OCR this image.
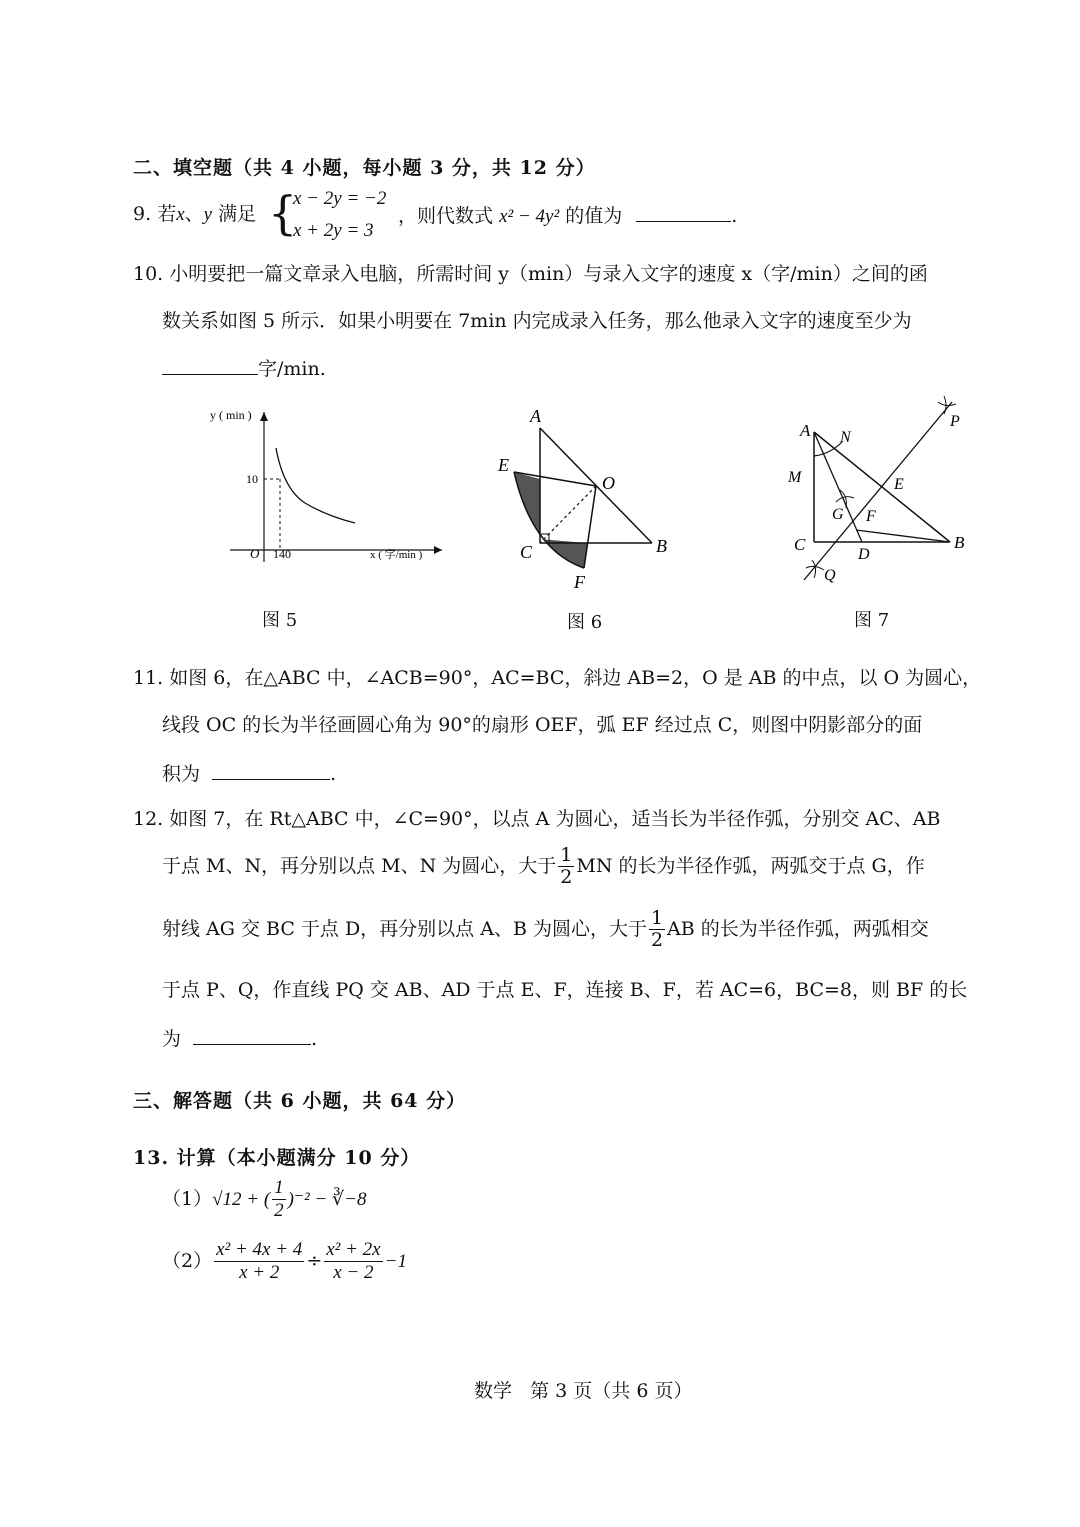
二、填空题（共 4 小题，每小题 3 分，共 12 分）
9. 若x、y 满足 {
x − 2y = −2
x + 2y = 3
，则代数式 x² − 4y² 的值为	.
10. 小明要把一篇文章录入电脑，所需时间 y（min）与录入文字的速度 x（字/min）之间的函
数关系如图 5 所示．如果小明要在 7min 内完成录入任务，那么他录入文字的速度至少为
字/min.
y ( min )
10
O 140	x ( 字/min )
图 5
A
B
C
E
F
O
图 6
A N
M
G F
E
C
D
B
P
Q
图 7
11. 如图 6，在△ABC 中，∠ACB=90°，AC=BC，斜边 AB=2，O 是 AB 的中点，以 O 为圆心，
线段 OC 的长为半径画圆心角为 90°的扇形 OEF，弧 EF 经过点 C，则图中阴影部分的面
积为	.
12. 如图 7，在 Rt△ABC 中，∠C=90°，以点 A 为圆心，适当长为半径作弧，分别交 AC、AB
于点 M、N，再分别以点 M、N 为圆心，大于 $\frac{1}{2}$ MN 的长为半径作弧，两弧交于点 G，作
射线 AG 交 BC 于点 D，再分别以点 A、B 为圆心，大于 $\frac{1}{2}$ AB 的长为半径作弧，两弧相交
于点 P、Q，作直线 PQ 交 AB、AD 于点 E、F，连接 B、F，若 AC=6，BC=8，则 BF 的长
为	.
三、解答题（共 6 小题，共 64 分）
13. 计算（本小题满分 10 分）
（1）√12 + ( $\frac{1}{2} )^{-2}$ − ∛−8
$(2) \frac{\text{x² + 4x + 4}}{x + 2} \div \frac{\text{x² + 2x}}{x - 2} -1$
数学   第 3 页（共 6 页）
